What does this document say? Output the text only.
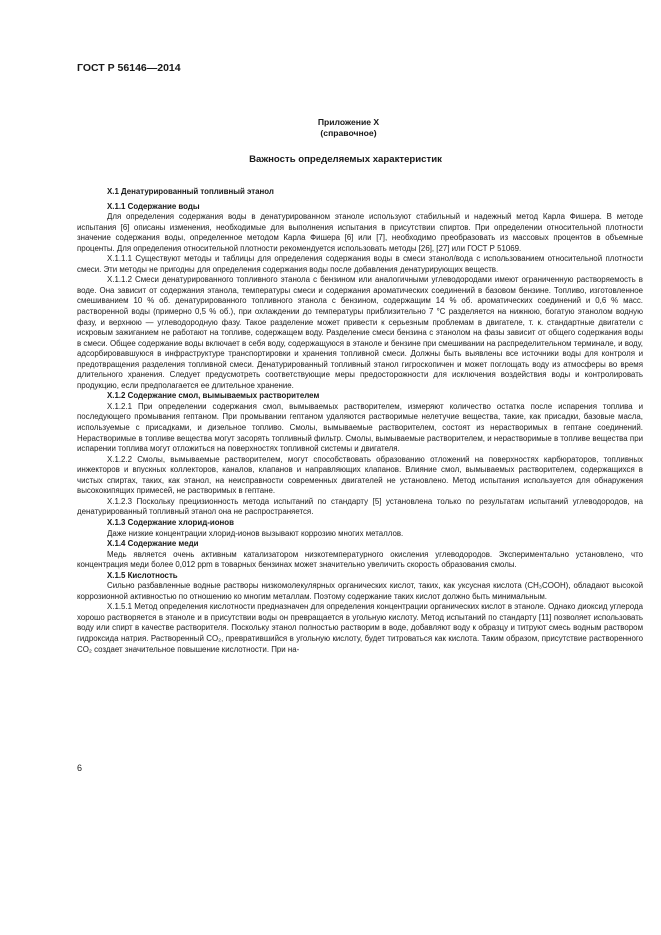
ГОСТ Р 56146—2014
Приложение X
(справочное)
Важность определяемых характеристик

X.1 Денатурированный топливный этанол

X.1.1 Содержание воды

Для определения содержания воды в денатурированном этаноле используют стабильный и надежный метод Карла Фишера. В методе испытания [6] описаны изменения, необходимые для выполнения испытания в присутствии спиртов. При определении относительной плотности значение содержания воды, определенное методом Карла Фишера [6] или [7], необходимо преобразовать из массовых процентов в объемные проценты. Для определения относительной плотности рекомендуется использовать методы [26], [27] или ГОСТ Р 51069.

X.1.1.1 Существуют методы и таблицы для определения содержания воды в смеси этанол/вода с использованием относительной плотности смеси. Эти методы не пригодны для определения содержания воды после добавления денатурирующих веществ.

X.1.1.2 Смеси денатурированного топливного этанола с бензином или аналогичными углеводородами имеют ограниченную растворяемость в воде. Она зависит от содержания этанола, температуры смеси и содержания ароматических соединений в базовом бензине. Топливо, изготовленное смешиванием 10 % об. денатурированного топливного этанола с бензином, содержащим 14 % об. ароматических соединений и 0,6 % масс. растворенной воды (примерно 0,5 % об.), при охлаждении до температуры приблизительно 7 °С разделяется на нижнюю, богатую этанолом водную фазу, и верхнюю — углеводородную фазу. Такое разделение может привести к серьезным проблемам в двигателе, т. к. стандартные двигатели с искровым зажиганием не работают на топливе, содержащем воду. Разделение смеси бензина с этанолом на фазы зависит от общего содержания воды в смеси. Общее содержание воды включает в себя воду, содержащуюся в этаноле и бензине при смешивании на распределительном терминале, и воду, адсорбировавшуюся в инфраструктуре транспортировки и хранения топливной смеси. Должны быть выявлены все источники воды для контроля и предотвращения разделения топливной смеси. Денатурированный топливный этанол гигроскопичен и может поглощать воду из атмосферы во время длительного хранения. Следует предусмотреть соответствующие меры предосторожности для исключения воздействия воды и контролировать продукцию, если предполагается ее длительное хранение.

X.1.2 Содержание смол, вымываемых растворителем

X.1.2.1 При определении содержания смол, вымываемых растворителем, измеряют количество остатка после испарения топлива и последующего промывания гептаном. При промывании гептаном удаляются растворимые нелетучие вещества, такие, как присадки, базовые масла, используемые с присадками, и дизельное топливо. Смолы, вымываемые растворителем, состоят из нерастворимых в гептане соединений. Нерастворимые в топливе вещества могут засорять топливный фильтр. Смолы, вымываемые растворителем, и нерастворимые в топливе вещества при испарении топлива могут отложиться на поверхностях топливной системы и двигателя.

X.1.2.2 Смолы, вымываемые растворителем, могут способствовать образованию отложений на поверхностях карбюраторов, топливных инжекторов и впускных коллекторов, каналов, клапанов и направляющих клапанов. Влияние смол, вымываемых растворителем, содержащихся в чистых спиртах, таких, как этанол, на неисправности современных двигателей не установлено. Метод испытания используется для обнаружения высококипящих примесей, не растворимых в гептане.

X.1.2.3 Поскольку прецизионность метода испытаний по стандарту [5] установлена только по результатам испытаний углеводородов, на денатурированный топливный этанол она не распространяется.

X.1.3 Содержание хлорид-ионов

Даже низкие концентрации хлорид-ионов вызывают коррозию многих металлов.

X.1.4 Содержание меди

Медь является очень активным катализатором низкотемпературного окисления углеводородов. Экспериментально установлено, что концентрация меди более 0,012 ppm в товарных бензинах может значительно увеличить скорость образования смолы.

X.1.5 Кислотность

Сильно разбавленные водные растворы низкомолекулярных органических кислот, таких, как уксусная кислота (CH₃COOH), обладают высокой коррозионной активностью по отношению ко многим металлам. Поэтому содержание таких кислот должно быть минимальным.

X.1.5.1 Метод определения кислотности предназначен для определения концентрации органических кислот в этаноле. Однако диоксид углерода хорошо растворяется в этаноле и в присутствии воды он превращается в угольную кислоту. Метод испытаний по стандарту [11] позволяет использовать воду или спирт в качестве растворителя. Поскольку этанол полностью растворим в воде, добавляют воду к образцу и титруют смесь водным раствором гидроксида натрия. Растворенный CO₂, превратившийся в угольную кислоту, будет титроваться как кислота. Таким образом, присутствие растворенного CO₂ создает значительное повышение кислотности. При на-

6
